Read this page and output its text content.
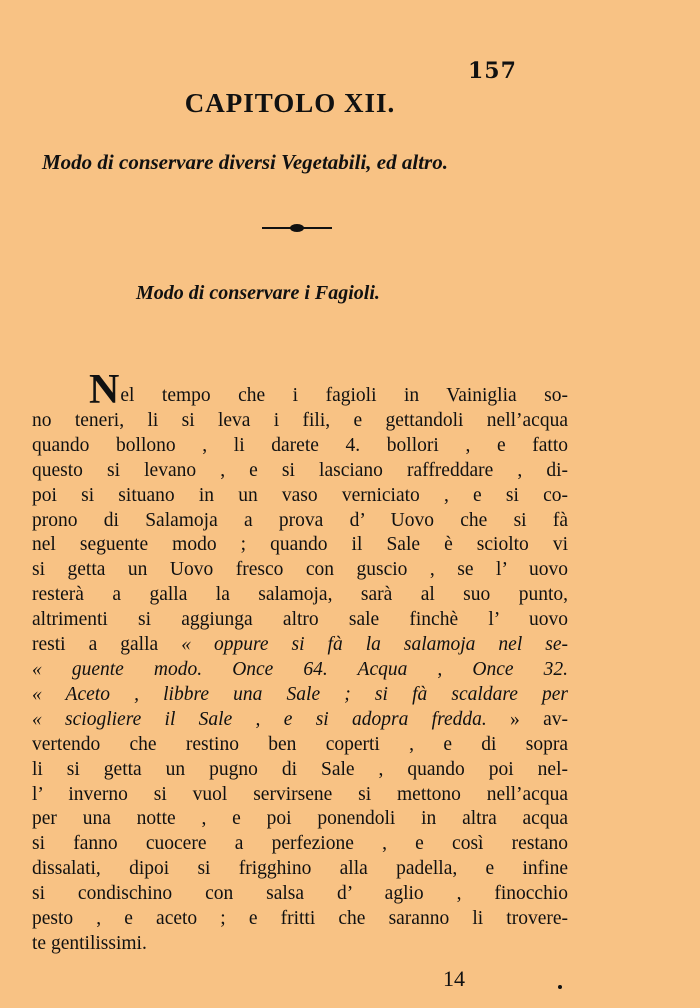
157
CAPITOLO XII.
Modo di conservare diversi Vegetabili, ed altro.
Modo di conservare i Fagioli.
Nel tempo che i fagioli in Vainiglia so-
no teneri, li si leva i fili, e gettandoli nell’acqua
quando bollono , li darete 4. bollori , e fatto
questo si levano , e si lasciano raffreddare , di-
poi si situano in un vaso verniciato , e si co-
prono di Salamoja a prova d’ Uovo che si fà
nel seguente modo ; quando il Sale è sciolto vi
si getta un Uovo fresco con guscio , se l’ uovo
resterà a galla la salamoja, sarà al suo punto,
altrimenti si aggiunga altro sale finchè l’ uovo
resti a galla « oppure si fà la salamoja nel se-
« guente modo. Once 64. Acqua , Once 32.
« Aceto , libbre una Sale ; si fà scaldare per
« sciogliere il Sale , e si adopra fredda. » av-
vertendo che restino ben coperti , e di sopra
li si getta un pugno di Sale , quando poi nel-
l’ inverno si vuol servirsene si mettono nell’acqua
per una notte , e poi ponendoli in altra acqua
si fanno cuocere a perfezione , e così restano
dissalati, dipoi si frigghino alla padella, e infine
si condischino con salsa d’ aglio , finocchio
pesto , e aceto ; e fritti che saranno li trovere-
te gentilissimi.
14
